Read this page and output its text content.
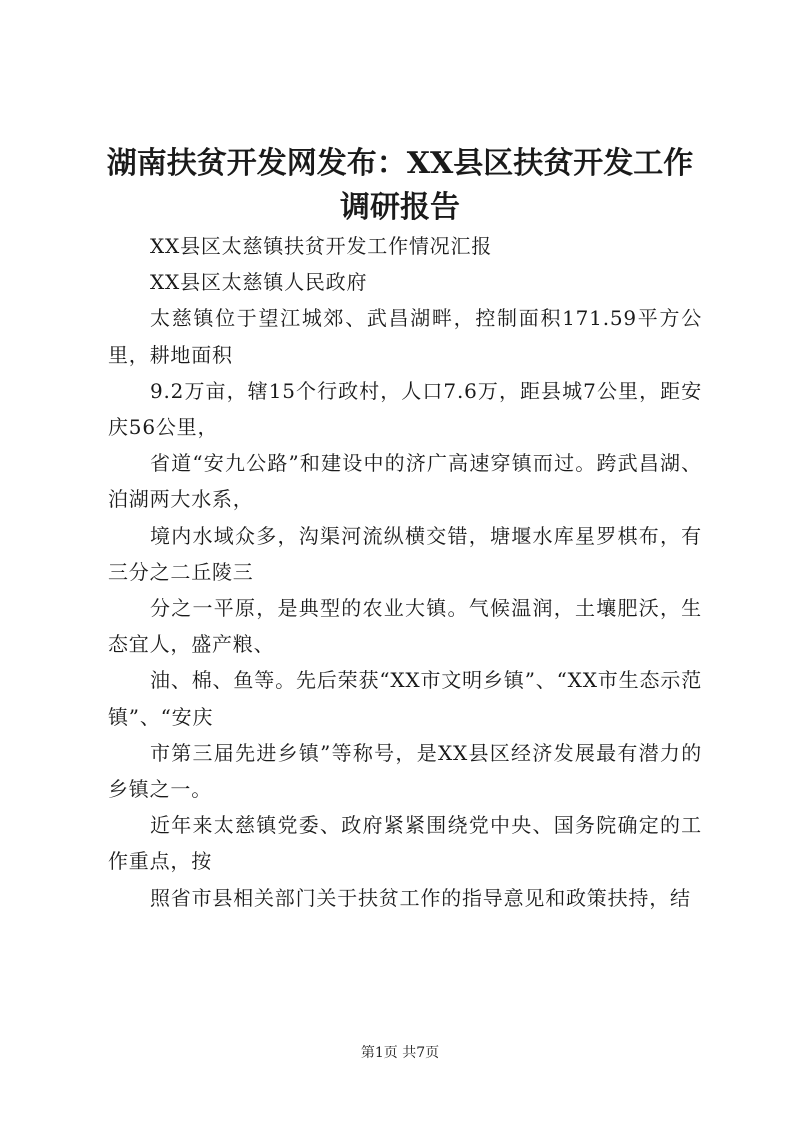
湖南扶贫开发网发布：XX县区扶贫开发工作
调研报告

XX县区太慈镇扶贫开发工作情况汇报

XX县区太慈镇人民政府

太慈镇位于望江城郊、武昌湖畔，控制面积171.59平方公里，耕地面积

9.2万亩，辖15个行政村，人口7.6万，距县城7公里，距安庆56公里，

省道“安九公路”和建设中的济广高速穿镇而过。跨武昌湖、泊湖两大水系，

境内水域众多，沟渠河流纵横交错，塘堰水库星罗棋布，有三分之二丘陵三

分之一平原，是典型的农业大镇。气候温润，土壤肥沃，生态宜人，盛产粮、

油、棉、鱼等。先后荣获“XX市文明乡镇”、“XX市生态示范镇”、“安庆

市第三届先进乡镇”等称号，是XX县区经济发展最有潜力的乡镇之一。

近年来太慈镇党委、政府紧紧围绕党中央、国务院确定的工作重点，按

照省市县相关部门关于扶贫工作的指导意见和政策扶持，结

第1页 共7页
